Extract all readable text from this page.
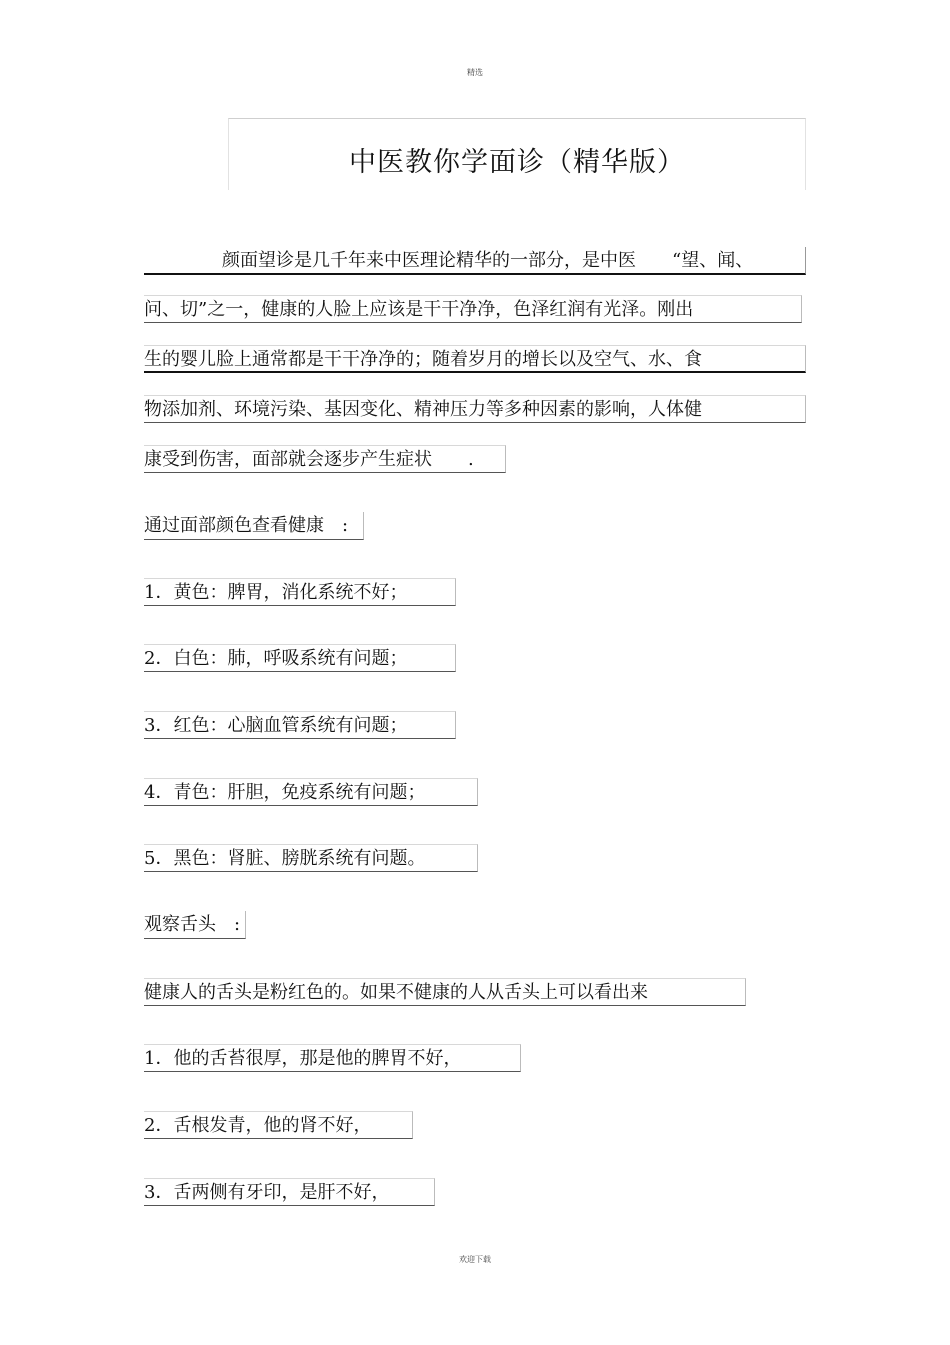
精选
中医教你学面诊（精华版）
颜面望诊是几千年来中医理论精华的一部分，是中医　　“望、闻、
问、切”之一，健康的人脸上应该是干干净净，色泽红润有光泽。刚出
生的婴儿脸上通常都是干干净净的；随着岁月的增长以及空气、水、食
物添加剂、环境污染、基因变化、精神压力等多种因素的影响，人体健
康受到伤害，面部就会逐步产生症状　　.
通过面部颜色查看健康　:
1．黄色：脾胃，消化系统不好；
2．白色：肺，呼吸系统有问题；
3．红色：心脑血管系统有问题；
4．青色：肝胆，免疫系统有问题；
5．黑色：肾脏、膀胱系统有问题。
观察舌头　:
健康人的舌头是粉红色的。如果不健康的人从舌头上可以看出来
1．他的舌苔很厚，那是他的脾胃不好，
2．舌根发青，他的肾不好，
3．舌两侧有牙印，是肝不好，
欢迎下载
